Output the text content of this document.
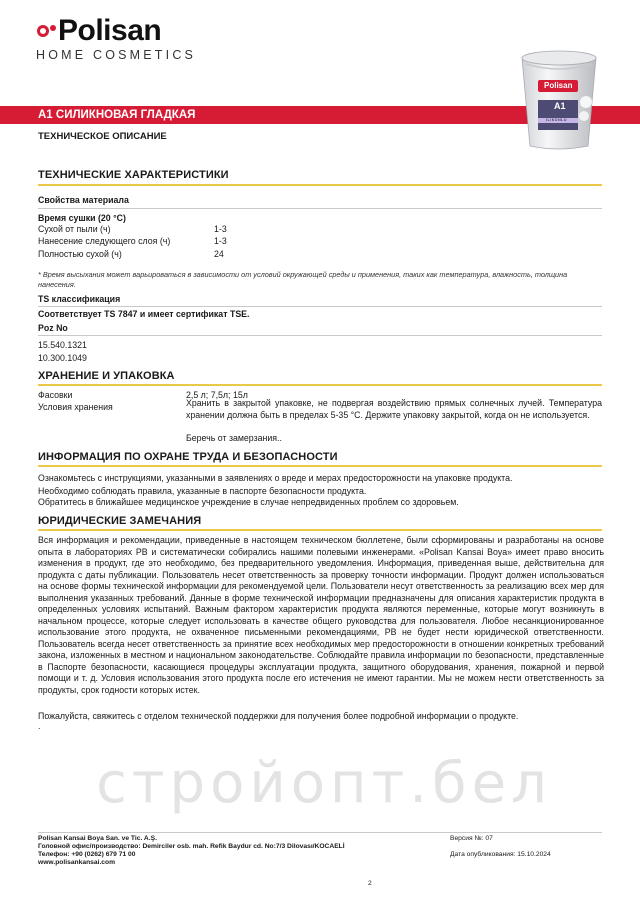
Polisan
HOME COSMETICS
A1 СИЛИКНОВАЯ ГЛАДКАЯ
Polisan
A1
ILIKONLU
ТЕХНИЧЕСКОЕ ОПИСАНИЕ
ТЕХНИЧЕСКИЕ ХАРАКТЕРИСТИКИ
Свойства материала
Время сушки (20 °C)
Сухой от пыли (ч)	1-3
Нанесение следующего слоя (ч)	1-3
Полностью сухой (ч)	24
* Время высыхания может варьироваться в зависимости от условий окружающей среды и применения, таких как температура, влажность, толщина нанесения.
TS классификация
Соответствует TS 7847 и имеет сертификат TSE.
Poz No
15.540.1321
10.300.1049
ХРАНЕНИЕ И УПАКОВКА
Фасовки	2,5 л; 7,5л; 15л
Условия хранения	Хранить в закрытой упаковке, не подвергая воздействию прямых солнечных лучей. Температура хранении должна быть в пределах 5-35 °C. Держите упаковку закрытой, когда он не используется.
Беречь от замерзания..
ИНФОРМАЦИЯ ПО ОХРАНЕ ТРУДА И БЕЗОПАСНОСТИ
Ознакомьтесь с инструкциями, указанными в заявлениях о вреде и мерах предосторожности на упаковке продукта.
Необходимо соблюдать правила, указанные в паспорте безопасности продукта.
Обратитесь в ближайшее медицинское учреждение в случае непредвиденных проблем со здоровьем.
ЮРИДИЧЕСКИЕ ЗАМЕЧАНИЯ
Вся информация и рекомендации, приведенные в настоящем техническом бюллетене, были сформированы и разработаны на основе опыта в лабораториях PB и систематически собирались нашими полевыми инженерами. «Polisan Kansai Boya» имеет право вносить изменения в продукт, где это необходимо, без предварительного уведомления. Информация, приведенная выше, действительна для продукта с даты публикации. Пользователь несет ответственность за проверку точности информации. Продукт должен использоваться на основе формы технической информации для рекомендуемой цели. Пользователи несут ответственность за реализацию всех мер для выполнения указанных требований. Данные в форме технической информации предназначены для описания характеристик продукта в определенных условиях испытаний. Важным фактором характеристик продукта являются переменные, которые могут возникнуть в начальном процессе, которые следует использовать в качестве общего руководства для пользователя. Любое несанкционированное использование этого продукта, не охваченное письменными рекомендациями, PB не будет нести юридической ответственности. Пользователь всегда несет ответственность за принятие всех необходимых мер предосторожности в отношении конкретных требований закона, изложенных в местном и национальном законодательстве. Соблюдайте правила информации по безопасности, представленные в Паспорте безопасности, касающиеся процедуры эксплуатации продукта, защитного оборудования, хранения, пожарной и первой помощи и т. д. Условия использования этого продукта после его истечения не имеют гарантии. Мы не можем нести ответственность за продукты, срок годности которых истек.
Пожалуйста, свяжитесь с отделом технической поддержки для получения более подробной информации о продукте.
.
стройопт.бел
Polisan Kansai Boya San. ve Tic. A.Ş.
Головной офис/производство: Demirciler osb. mah. Refik Baydur cd. No:7/3 Dilovası/KOCAELİ
Телефон: +90 (0262) 679 71 00
www.polisankansai.com
Версия №: 07
Дата опубликования: 15.10.2024
2
